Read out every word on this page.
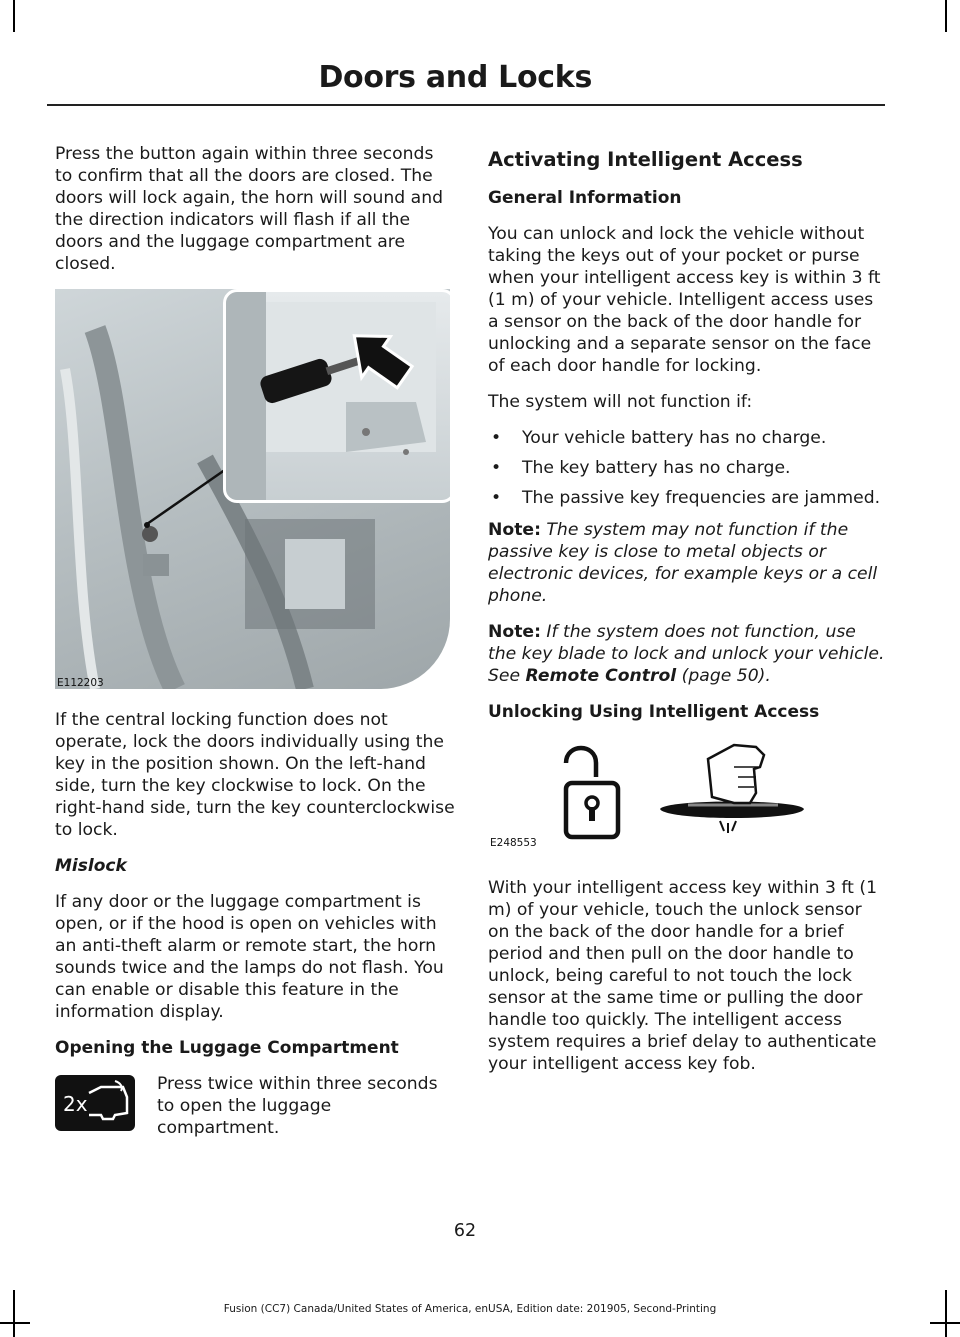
Doors and Locks

Press the button again within three seconds to confirm that all the doors are closed. The doors will lock again, the horn will sound and the direction indicators will flash if all the doors and the luggage compartment are closed.

E112203

If the central locking function does not operate, lock the doors individually using the key in the position shown. On the left-hand side, turn the key clockwise to lock. On the right-hand side, turn the key counterclockwise to lock.

Mislock

If any door or the luggage compartment is open, or if the hood is open on vehicles with an anti-theft alarm or remote start, the horn sounds twice and the lamps do not flash. You can enable or disable this feature in the information display.

Opening the Luggage Compartment
2x
Press twice within three seconds to open the luggage compartment.
Activating Intelligent Access
General Information

You can unlock and lock the vehicle without taking the keys out of your pocket or purse when your intelligent access key is within 3 ft (1 m) of your vehicle. Intelligent access uses a sensor on the back of the door handle for unlocking and a separate sensor on the face of each door handle for locking.

The system will not function if:

• Your vehicle battery has no charge.
• The key battery has no charge.
• The passive key frequencies are jammed.

Note: The system may not function if the passive key is close to metal objects or electronic devices, for example keys or a cell phone.

Note: If the system does not function, use the key blade to lock and unlock your vehicle. See Remote Control (page 50).

Unlocking Using Intelligent Access
E248553

With your intelligent access key within 3 ft (1 m) of your vehicle, touch the unlock sensor on the back of the door handle for a brief period and then pull on the door handle to unlock, being careful to not touch the lock sensor at the same time or pulling the door handle too quickly. The intelligent access system requires a brief delay to authenticate your intelligent access key fob.

62
Fusion (CC7) Canada/United States of America, enUSA, Edition date: 201905, Second-Printing
